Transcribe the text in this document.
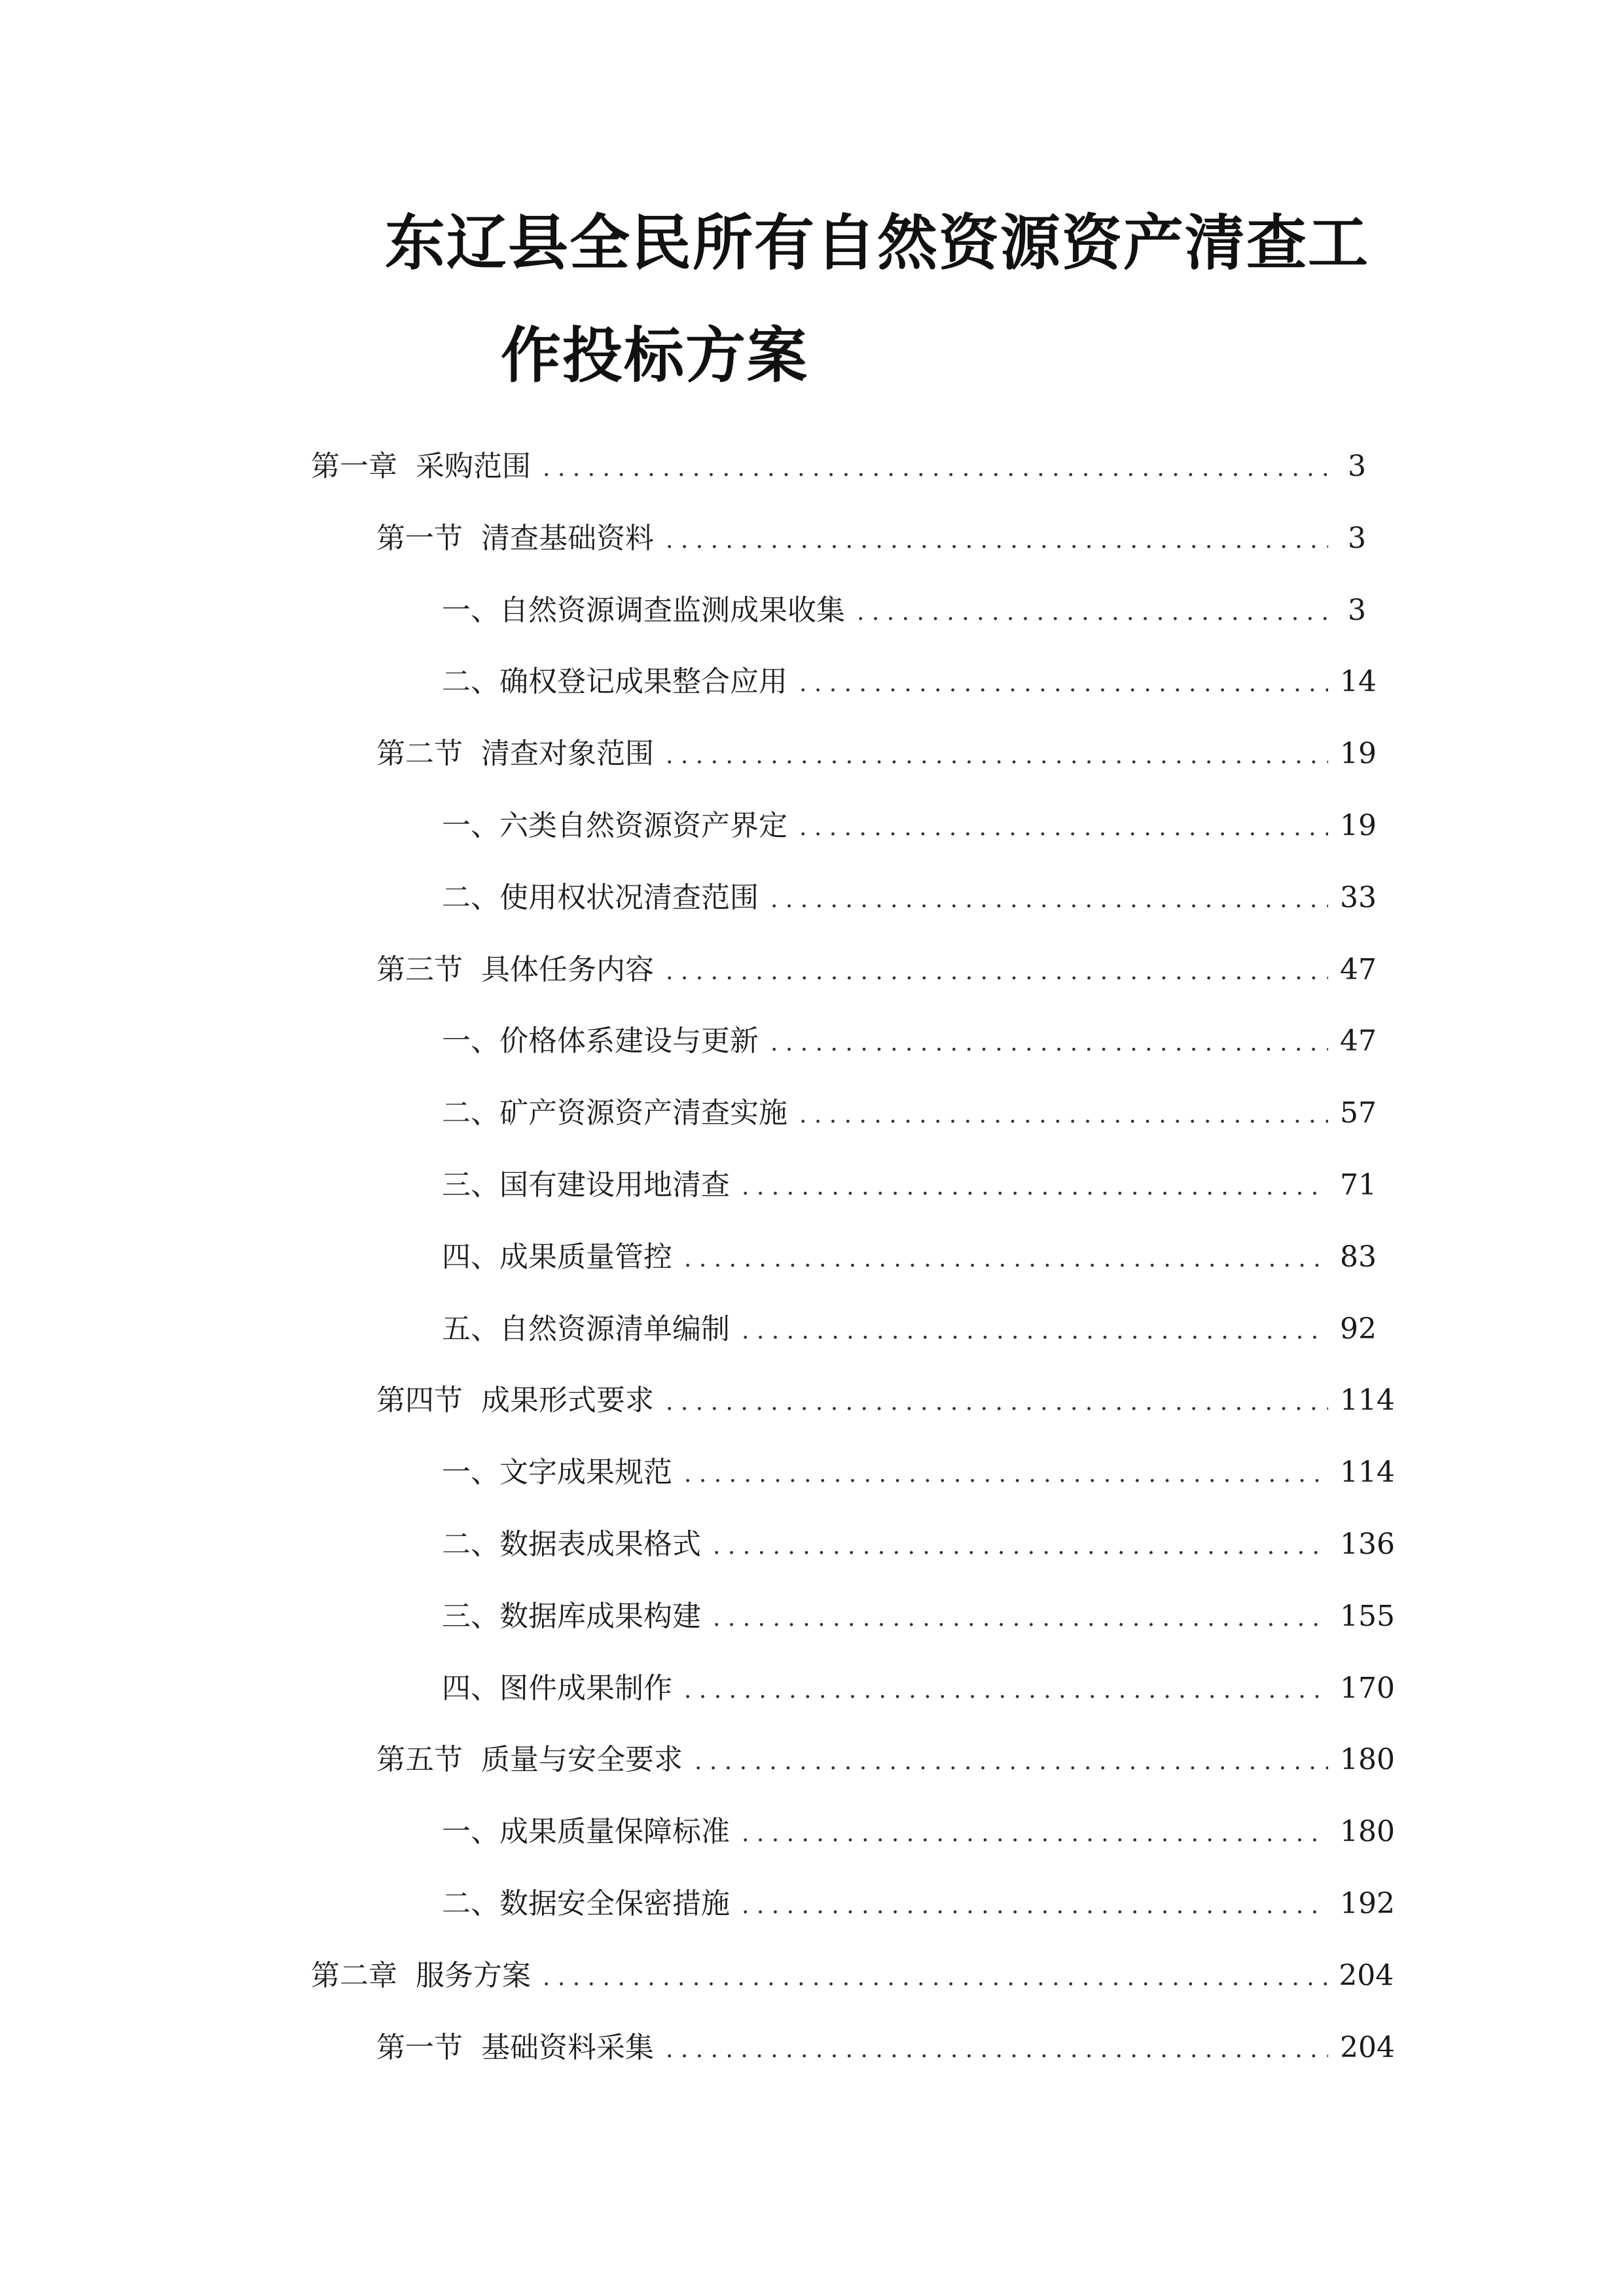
东辽县全民所有自然资源资产清查工
作投标方案
第一章 采购范围 . . .	3
第一节 清查基础资料 . . .	3
一、 自然资源调查监测成果收集 . . .	3
二、 确权登记成果整合应用 . . .	14
第二节 清查对象范围 . . .	19
一、 六类自然资源资产界定 . . .	19
二、 使用权状况清查范围 . . .	33
第三节 具体任务内容 . . .	47
一、 价格体系建设与更新 . . .	47
二、 矿产资源资产清查实施 . . .	57
三、 国有建设用地清查 . . .	71
四、 成果质量管控 . . .	83
五、 自然资源清单编制 . . .	92
第四节 成果形式要求 . . .	114
一、 文字成果规范 . . .	114
二、 数据表成果格式 . . .	136
三、 数据库成果构建 . . .	155
四、 图件成果制作 . . .	170
第五节 质量与安全要求 . . .	180
一、 成果质量保障标准 . . .	180
二、 数据安全保密措施 . . .	192
第二章 服务方案 . . .	204
第一节 基础资料采集 . . .	204
